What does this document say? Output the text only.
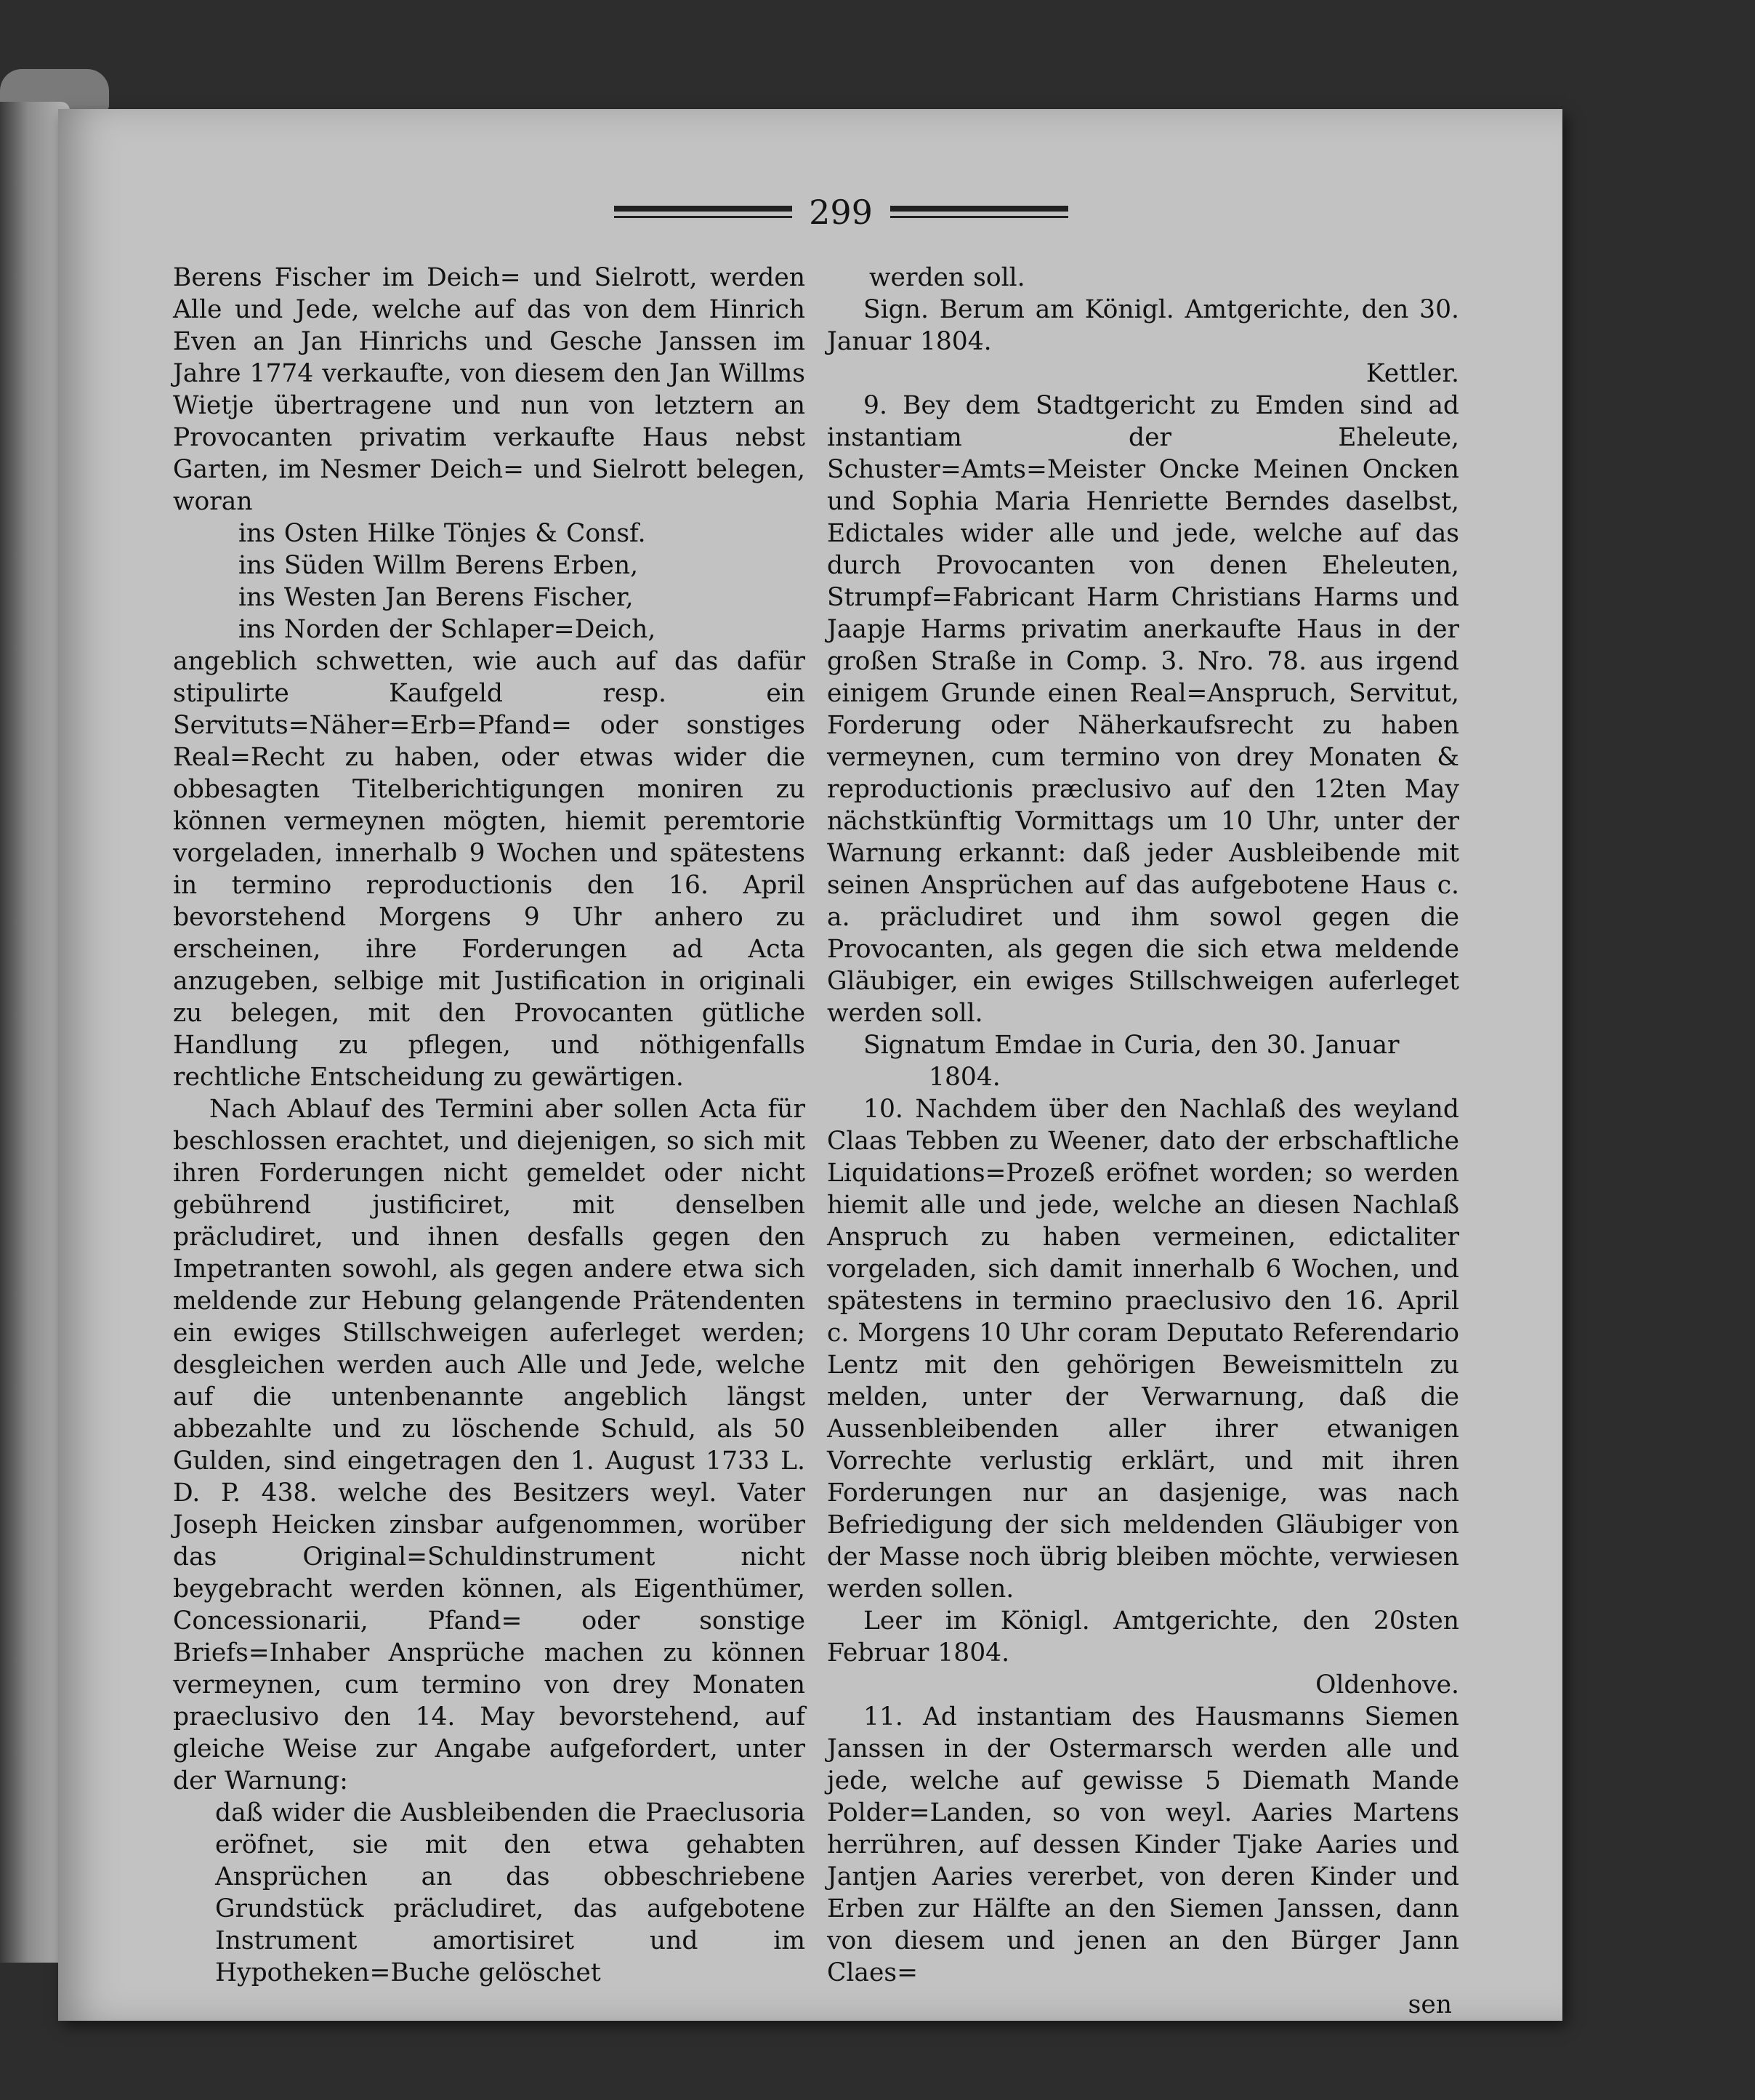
299

Berens Fischer im Deich= und Sielrott, werden Alle und Jede, welche auf das von dem Hinrich Even an Jan Hinrichs und Gesche Janssen im Jahre 1774 verkaufte, von diesem den Jan Willms Wietje übertragene und nun von letztern an Provocanten privatim verkaufte Haus nebst Garten, im Nesmer Deich= und Sielrott belegen, woran

ins Osten Hilke Tönjes & Consf.

ins Süden Willm Berens Erben,

ins Westen Jan Berens Fischer,

ins Norden der Schlaper=Deich,

angeblich schwetten, wie auch auf das dafür stipulirte Kaufgeld resp. ein Servituts=Näher=Erb=Pfand= oder sonstiges Real=Recht zu haben, oder etwas wider die obbesagten Titelberichtigungen moniren zu können vermeynen mögten, hiemit peremtorie vorgeladen, innerhalb 9 Wochen und spätestens in termino reproductionis den 16. April bevorstehend Morgens 9 Uhr anhero zu erscheinen, ihre Forderungen ad Acta anzugeben, selbige mit Justification in originali zu belegen, mit den Provocanten gütliche Handlung zu pflegen, und nöthigenfalls rechtliche Entscheidung zu gewärtigen.

Nach Ablauf des Termini aber sollen Acta für beschlossen erachtet, und diejenigen, so sich mit ihren Forderungen nicht gemeldet oder nicht gebührend justificiret, mit denselben präcludiret, und ihnen desfalls gegen den Impetranten sowohl, als gegen andere etwa sich meldende zur Hebung gelangende Prätendenten ein ewiges Stillschweigen auferleget werden; desgleichen werden auch Alle und Jede, welche auf die untenbenannte angeblich längst abbezahlte und zu löschende Schuld, als 50 Gulden, sind eingetragen den 1. August 1733 L. D. P. 438. welche des Besitzers weyl. Vater Joseph Heicken zinsbar aufgenommen, worüber das Original=Schuldinstrument nicht beygebracht werden können, als Eigenthümer, Concessionarii, Pfand= oder sonstige Briefs=Inhaber Ansprüche machen zu können vermeynen, cum termino von drey Monaten praeclusivo den 14. May bevorstehend, auf gleiche Weise zur Angabe aufgefordert, unter der Warnung:

daß wider die Ausbleibenden die Praeclusoria eröfnet, sie mit den etwa gehabten Ansprüchen an das obbeschriebene Grundstück präcludiret, das aufgebotene Instrument amortisiret und im Hypotheken=Buche gelöschet

werden soll.

Sign. Berum am Königl. Amtgerichte, den 30. Januar 1804.

Kettler.

9. Bey dem Stadtgericht zu Emden sind ad instantiam der Eheleute, Schuster=Amts=Meister Oncke Meinen Oncken und Sophia Maria Henriette Berndes daselbst, Edictales wider alle und jede, welche auf das durch Provocanten von denen Eheleuten, Strumpf=Fabricant Harm Christians Harms und Jaapje Harms privatim anerkaufte Haus in der großen Straße in Comp. 3. Nro. 78. aus irgend einigem Grunde einen Real=Anspruch, Servitut, Forderung oder Näherkaufsrecht zu haben vermeynen, cum termino von drey Monaten & reproductionis præclusivo auf den 12ten May nächstkünftig Vormittags um 10 Uhr, unter der Warnung erkannt: daß jeder Ausbleibende mit seinen Ansprüchen auf das aufgebotene Haus c. a. präcludiret und ihm sowol gegen die Provocanten, als gegen die sich etwa meldende Gläubiger, ein ewiges Stillschweigen auferleget werden soll.

Signatum Emdae in Curia, den 30. Januar

1804.

10. Nachdem über den Nachlaß des weyland Claas Tebben zu Weener, dato der erbschaftliche Liquidations=Prozeß eröfnet worden; so werden hiemit alle und jede, welche an diesen Nachlaß Anspruch zu haben vermeinen, edictaliter vorgeladen, sich damit innerhalb 6 Wochen, und spätestens in termino praeclusivo den 16. April c. Morgens 10 Uhr coram Deputato Referendario Lentz mit den gehörigen Beweismitteln zu melden, unter der Verwarnung, daß die Aussenbleibenden aller ihrer etwanigen Vorrechte verlustig erklärt, und mit ihren Forderungen nur an dasjenige, was nach Befriedigung der sich meldenden Gläubiger von der Masse noch übrig bleiben möchte, verwiesen werden sollen.

Leer im Königl. Amtgerichte, den 20sten Februar 1804.

Oldenhove.

11. Ad instantiam des Hausmanns Siemen Janssen in der Ostermarsch werden alle und jede, welche auf gewisse 5 Diemath Mande Polder=Landen, so von weyl. Aaries Martens herrühren, auf dessen Kinder Tjake Aaries und Jantjen Aaries vererbet, von deren Kinder und Erben zur Hälfte an den Siemen Janssen, dann von diesem und jenen an den Bürger Jann Claes=

sen
